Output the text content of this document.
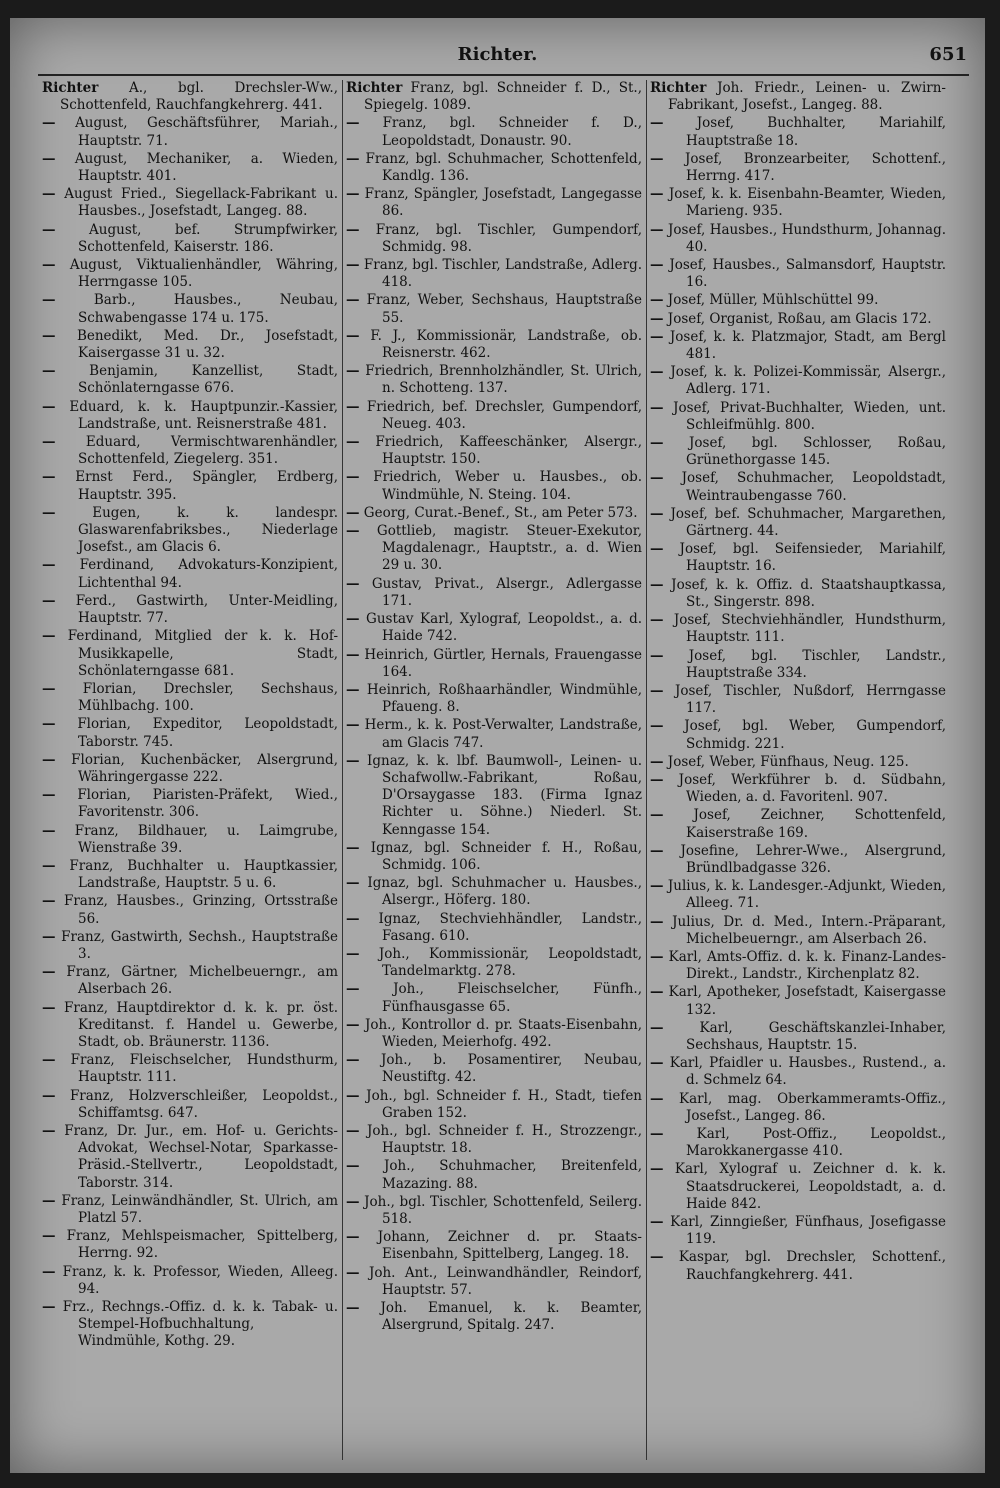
Richter.	651
Richter A., bgl. Drechsler-Ww., Schottenfeld, Rauchfangkehrerg. 441.
— August, Geschäftsführer, Mariah., Hauptstr. 71.
— August, Mechaniker, a. Wieden, Hauptstr. 401.
— August Fried., Siegellack-Fabrikant u. Hausbes., Josefstadt, Langeg. 88.
— August, bef. Strumpfwirker, Schottenfeld, Kaiserstr. 186.
— August, Viktualienhändler, Währing, Herrngasse 105.
—	Barb., Hausbes., Neubau, Schwabengasse 174 u. 175.
— Benedikt, Med. Dr., Josefstadt, Kaisergasse 31 u. 32.
— Benjamin, Kanzellist, Stadt, Schönlaterngasse 676.
— Eduard, k. k. Hauptpunzir.-Kassier, Landstraße, unt. Reisnerstraße 481.
— Eduard, Vermischtwarenhändler, Schottenfeld, Ziegelerg. 351.
— Ernst Ferd., Spängler, Erdberg, Hauptstr. 395.
—	Eugen, k. k. landespr. Glaswarenfabriksbes., Niederlage Josefst., am Glacis 6.
— Ferdinand, Advokaturs-Konzipient, Lichtenthal 94.
— Ferd., Gastwirth, Unter-Meidling, Hauptstr. 77.
— Ferdinand, Mitglied der k. k. Hof-Musikkapelle, Stadt, Schönlaterngasse 681.
— Florian, Drechsler, Sechshaus, Mühlbachg. 100.
— Florian, Expeditor, Leopoldstadt, Taborstr. 745.
— Florian, Kuchenbäcker, Alsergrund, Währingergasse 222.
— Florian, Piaristen-Präfekt, Wied., Favoritenstr. 306.
— Franz, Bildhauer, u. Laimgrube, Wienstraße 39.
— Franz, Buchhalter u. Hauptkassier, Landstraße, Hauptstr. 5 u. 6.
— Franz, Hausbes., Grinzing, Ortsstraße 56.
— Franz, Gastwirth, Sechsh., Hauptstraße 3.
— Franz, Gärtner, Michelbeuerngr., am Alserbach 26.
— Franz, Hauptdirektor d. k. k. pr. öst. Kreditanst. f. Handel u. Gewerbe, Stadt, ob. Bräunerstr. 1136.
— Franz, Fleischselcher, Hundsthurm, Hauptstr. 111.
— Franz, Holzverschleißer, Leopoldst., Schiffamtsg. 647.
— Franz, Dr. Jur., em. Hof- u. Gerichts-Advokat, Wechsel-Notar, Sparkasse-Präsid.-Stellvertr., Leopoldstadt, Taborstr. 314.
— Franz, Leinwändhändler, St. Ulrich, am Platzl 57.
— Franz, Mehlspeismacher, Spittelberg, Herrng. 92.
— Franz, k. k. Professor, Wieden, Alleeg. 94.
— Frz., Rechngs.-Offiz. d. k. k. Tabak- u. Stempel-Hofbuchhaltung, Windmühle, Kothg. 29.
Richter Franz, bgl. Schneider f. D., St., Spiegelg. 1089.
— Franz, bgl. Schneider f. D., Leopoldstadt, Donaustr. 90.
— Franz, bgl. Schuhmacher, Schottenfeld, Kandlg. 136.
— Franz, Spängler, Josefstadt, Langegasse 86.
— Franz, bgl. Tischler, Gumpendorf, Schmidg. 98.
— Franz, bgl. Tischler, Landstraße, Adlerg. 418.
— Franz, Weber, Sechshaus, Hauptstraße 55.
— F. J., Kommissionär, Landstraße, ob. Reisnerstr. 462.
— Friedrich, Brennholzhändler, St. Ulrich, n. Schotteng. 137.
— Friedrich, bef. Drechsler, Gumpendorf, Neueg. 403.
— Friedrich, Kaffeeschänker, Alsergr., Hauptstr. 150.
— Friedrich, Weber u. Hausbes., ob. Windmühle, N. Steing. 104.
— Georg, Curat.-Benef., St., am Peter 573.
— Gottlieb, magistr. Steuer-Exekutor, Magdalenagr., Hauptstr., a. d. Wien 29 u. 30.
— Gustav, Privat., Alsergr., Adlergasse 171.
— Gustav Karl, Xylograf, Leopoldst., a. d. Haide 742.
— Heinrich, Gürtler, Hernals, Frauengasse 164.
— Heinrich, Roßhaarhändler, Windmühle, Pfaueng. 8.
— Herm., k. k. Post-Verwalter, Landstraße, am Glacis 747.
— Ignaz, k. k. lbf. Baumwoll-, Leinen- u. Schafwollw.-Fabrikant, Roßau, D'Orsaygasse 183. (Firma Ignaz Richter u. Söhne.) Niederl. St. Kenngasse 154.
— Ignaz, bgl. Schneider f. H., Roßau, Schmidg. 106.
— Ignaz, bgl. Schuhmacher u. Hausbes., Alsergr., Höferg. 180.
— Ignaz, Stechviehhändler, Landstr., Fasang. 610.
— Joh., Kommissionär, Leopoldstadt, Tandelmarktg. 278.
— Joh., Fleischselcher, Fünfh., Fünfhausgasse 65.
— Joh., Kontrollor d. pr. Staats-Eisenbahn, Wieden, Meierhofg. 492.
— Joh., b. Posamentirer, Neubau, Neustiftg. 42.
— Joh., bgl. Schneider f. H., Stadt, tiefen Graben 152.
— Joh., bgl. Schneider f. H., Strozzengr., Hauptstr. 18.
— Joh., Schuhmacher, Breitenfeld, Mazazing. 88.
— Joh., bgl. Tischler, Schottenfeld, Seilerg. 518.
— Johann, Zeichner d. pr. Staats-Eisenbahn, Spittelberg, Langeg. 18.
— Joh. Ant., Leinwandhändler, Reindorf, Hauptstr. 57.
— Joh. Emanuel, k. k. Beamter, Alsergrund, Spitalg. 247.
Richter Joh. Friedr., Leinen- u. Zwirn-Fabrikant, Josefst., Langeg. 88.
— Josef, Buchhalter, Mariahilf, Hauptstraße 18.
— Josef, Bronzearbeiter, Schottenf., Herrng. 417.
— Josef, k. k. Eisenbahn-Beamter, Wieden, Marieng. 935.
— Josef, Hausbes., Hundsthurm, Johannag. 40.
— Josef, Hausbes., Salmansdorf, Hauptstr. 16.
— Josef, Müller, Mühlschüttel 99.
— Josef, Organist, Roßau, am Glacis 172.
— Josef, k. k. Platzmajor, Stadt, am Bergl 481.
— Josef, k. k. Polizei-Kommissär, Alsergr., Adlerg. 171.
— Josef, Privat-Buchhalter, Wieden, unt. Schleifmühlg. 800.
— Josef, bgl. Schlosser, Roßau, Grünethorgasse 145.
— Josef, Schuhmacher, Leopoldstadt, Weintraubengasse 760.
— Josef, bef. Schuhmacher, Margarethen, Gärtnerg. 44.
— Josef, bgl. Seifensieder, Mariahilf, Hauptstr. 16.
— Josef, k. k. Offiz. d. Staatshauptkassa, St., Singerstr. 898.
— Josef, Stechviehhändler, Hundsthurm, Hauptstr. 111.
— Josef, bgl. Tischler, Landstr., Hauptstraße 334.
— Josef, Tischler, Nußdorf, Herrngasse 117.
— Josef, bgl. Weber, Gumpendorf, Schmidg. 221.
— Josef, Weber, Fünfhaus, Neug. 125.
— Josef, Werkführer b. d. Südbahn, Wieden, a. d. Favoritenl. 907.
— Josef, Zeichner, Schottenfeld, Kaiserstraße 169.
— Josefine, Lehrer-Wwe., Alsergrund, Bründlbadgasse 326.
— Julius, k. k. Landesger.-Adjunkt, Wieden, Alleeg. 71.
— Julius, Dr. d. Med., Intern.-Präparant, Michelbeuerngr., am Alserbach 26.
— Karl, Amts-Offiz. d. k. k. Finanz-Landes-Direkt., Landstr., Kirchenplatz 82.
— Karl, Apotheker, Josefstadt, Kaisergasse 132.
—	Karl, Geschäftskanzlei-Inhaber, Sechshaus, Hauptstr. 15.
— Karl, Pfaidler u. Hausbes., Rustend., a. d. Schmelz 64.
— Karl, mag. Oberkammeramts-Offiz., Josefst., Langeg. 86.
— Karl, Post-Offiz., Leopoldst., Marokkanergasse 410.
— Karl, Xylograf u. Zeichner d. k. k. Staatsdruckerei, Leopoldstadt, a. d. Haide 842.
— Karl, Zinngießer, Fünfhaus, Josefigasse 119.
— Kaspar, bgl. Drechsler, Schottenf., Rauchfangkehrerg. 441.
